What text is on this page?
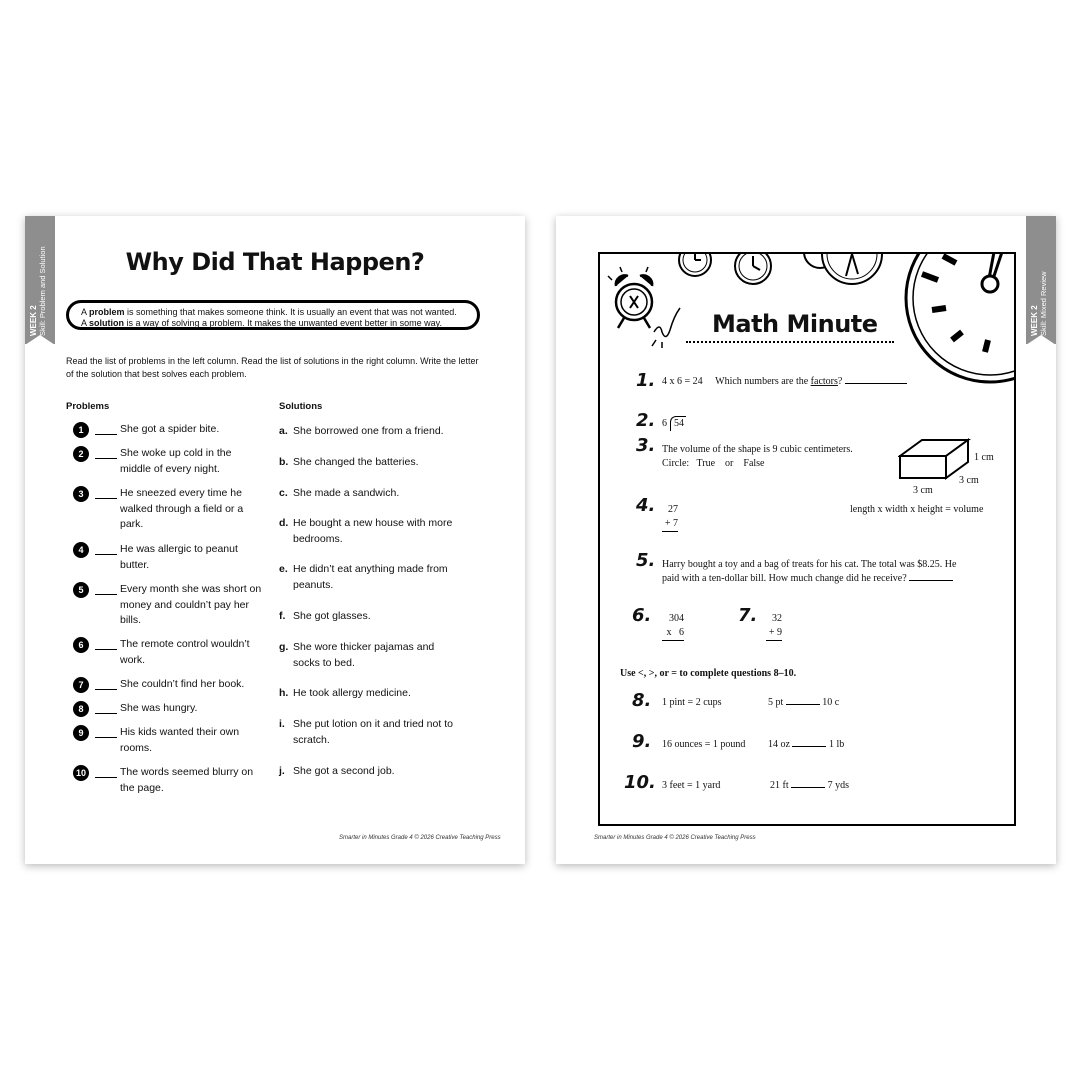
WEEK 2 Skill: Problem and Solution	Why Did That Happen?
A problem is something that makes someone think. It is usually an event that was not wanted.
A solution is a way of solving a problem. It makes the unwanted event better in some way.
Read the list of problems in the left column. Read the list of solutions in the right column. Write the letter of the solution that best solves each problem.
Problems	Solutions
1	She got a spider bite.
2	She woke up cold in the middle of every night.
3	He sneezed every time he walked through a field or a park.
4	He was allergic to peanut butter.
5	Every month she was short on money and couldn’t pay her bills.
6	The remote control wouldn’t work.
7	She couldn’t find her book.
8	She was hungry.
9	His kids wanted their own rooms.
10	The words seemed blurry on the page.
a. She borrowed one from a friend.
b. She changed the batteries.
c. She made a sandwich.
d. He bought a new house with more bedrooms.
e. He didn’t eat anything made from peanuts.
f. She got glasses.
g. She wore thicker pajamas and socks to bed.
h. He took allergy medicine.
i. She put lotion on it and tried not to scratch.
j. She got a second job.
Smarter in Minutes Grade 4 © 2026 Creative Teaching Press
WEEK 2 Skill: Mixed Review
Math Minute
1. 4 x 6 = 24 Which numbers are the factors?
2. 6 54
3. The volume of the shape is 9 cubic centimeters.
Circle:   True    or    False
1 cm
3 cm
3 cm
4.	27
+ 7
length x width x height = volume
5. Harry bought a toy and a bag of treats for his cat. The total was $8.25. He
paid with a ten-dollar bill. How much change did he receive?
6.	304
x   6
7.	32
+ 9
Use <, >, or = to complete questions 8–10.
8. 1 pint = 2 cups	5 pt	10 c
9. 16 ounces = 1 pound 14 oz	1 lb
10. 3 feet = 1 yard	21 ft	7 yds
Smarter in Minutes Grade 4 © 2026 Creative Teaching Press
